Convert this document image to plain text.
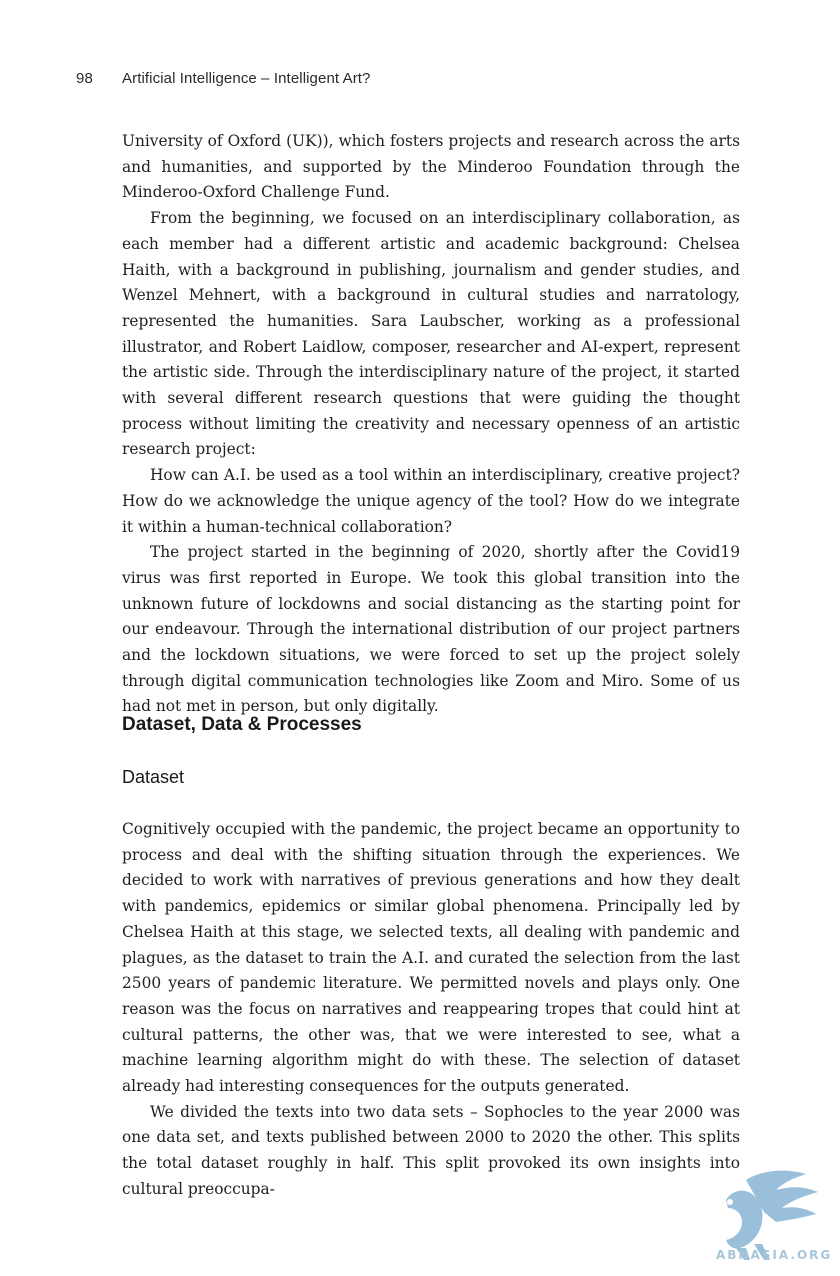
98 Artificial Intelligence – Intelligent Art?

University of Oxford (UK)), which fosters projects and research across the arts and humanities, and supported by the Minderoo Foundation through the Minderoo-Oxford Challenge Fund.

From the beginning, we focused on an interdisciplinary collaboration, as each member had a different artistic and academic background: Chelsea Haith, with a background in publishing, journalism and gender studies, and Wenzel Mehnert, with a background in cultural studies and narratology, represented the humanities. Sara Laubscher, working as a professional illustrator, and Robert Laidlow, composer, researcher and AI-expert, represent the artistic side. Through the interdisciplinary nature of the project, it started with several different research questions that were guiding the thought process without limiting the creativity and necessary openness of an artistic research project:

How can A.I. be used as a tool within an interdisciplinary, creative project? How do we acknowledge the unique agency of the tool? How do we integrate it within a human-technical collaboration?

The project started in the beginning of 2020, shortly after the Covid19 virus was first reported in Europe. We took this global transition into the unknown future of lockdowns and social distancing as the starting point for our endeavour. Through the international distribution of our project partners and the lockdown situations, we were forced to set up the project solely through digital communication technologies like Zoom and Miro. Some of us had not met in person, but only digitally.

Dataset, Data & Processes
Dataset

Cognitively occupied with the pandemic, the project became an opportunity to process and deal with the shifting situation through the experiences. We decided to work with narratives of previous generations and how they dealt with pandemics, epidemics or similar global phenomena. Principally led by Chelsea Haith at this stage, we selected texts, all dealing with pandemic and plagues, as the dataset to train the A.I. and curated the selection from the last 2500 years of pandemic literature. We permitted novels and plays only. One reason was the focus on narratives and reappearing tropes that could hint at cultural patterns, the other was, that we were interested to see, what a machine learning algorithm might do with these. The selection of dataset already had interesting consequences for the outputs generated.

We divided the texts into two data sets – Sophocles to the year 2000 was one data set, and texts published between 2000 to 2020 the other. This splits the total dataset roughly in half. This split provoked its own insights into cultural preoccupa-

ABNASIA.ORG
